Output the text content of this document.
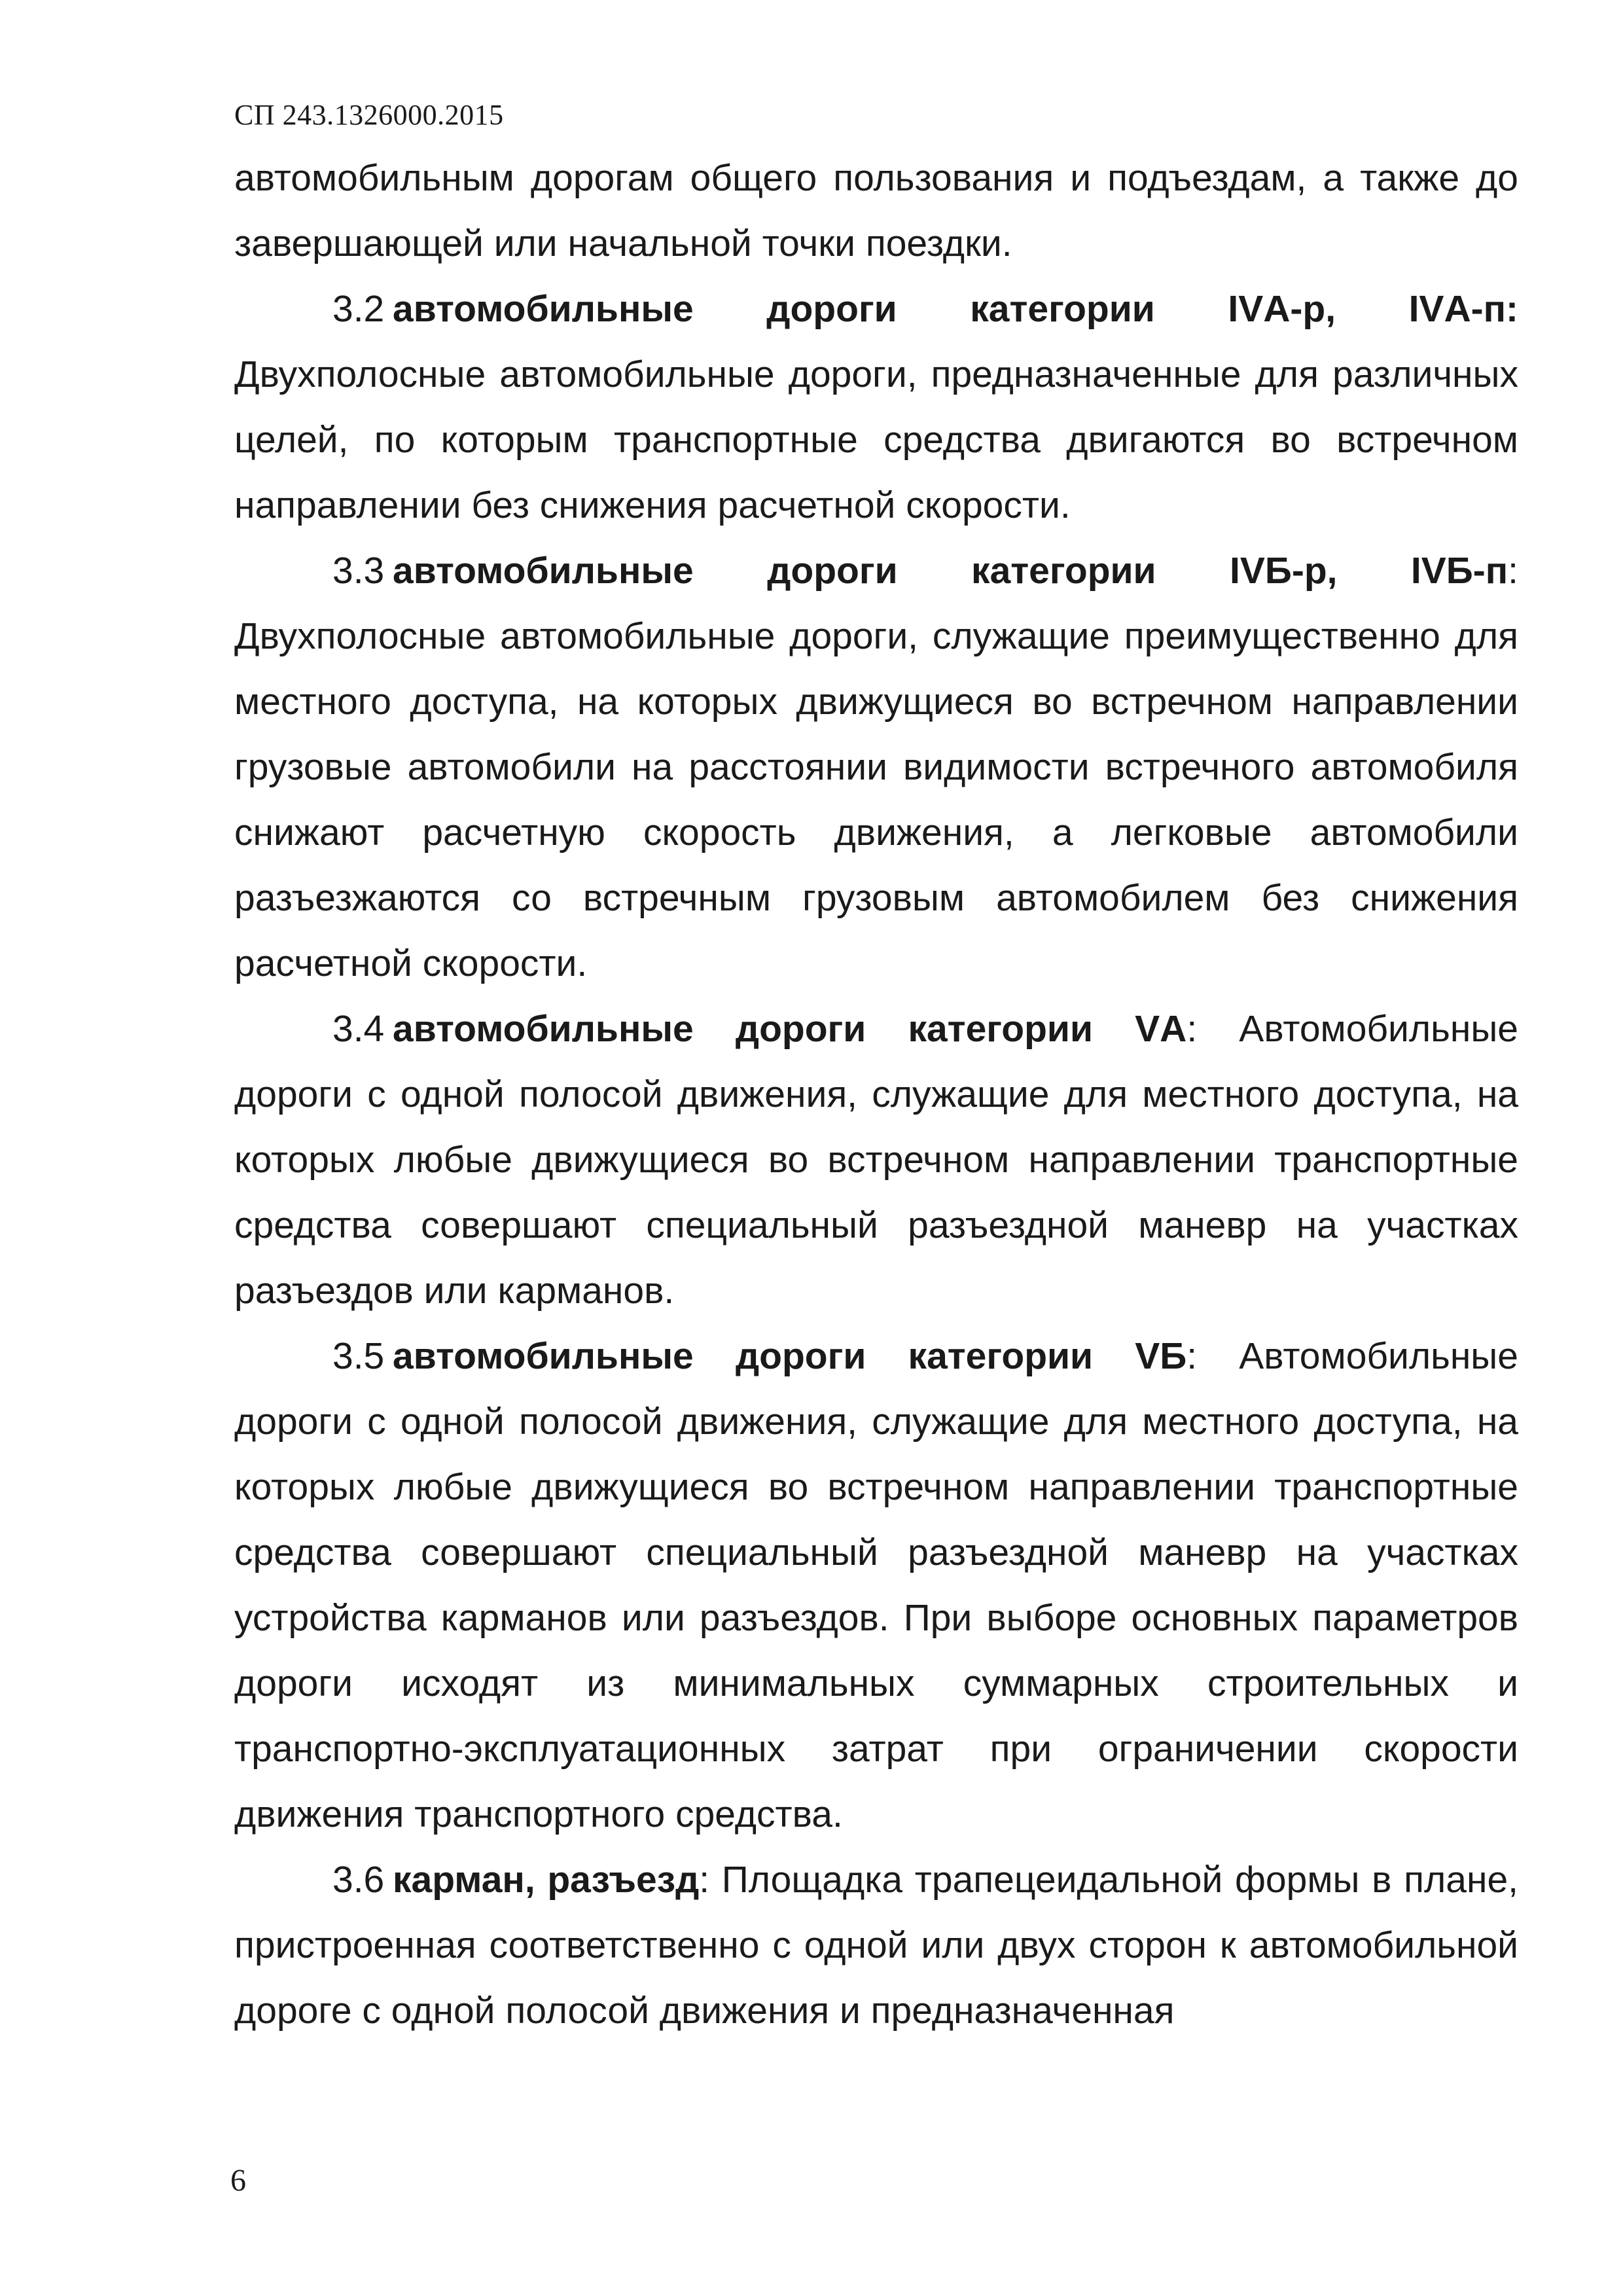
СП 243.1326000.2015

автомобильным дорогам общего пользования и подъездам, а также до завершающей или начальной точки поездки.

3.2 автомобильные дороги категории IVА-р, IVА-п: Двухполосные автомобильные дороги, предназначенные для различных целей, по которым транспортные средства двигаются во встречном направлении без снижения расчетной скорости.

3.3 автомобильные дороги категории IVБ-р, IVБ-п: Двухполосные автомобильные дороги, служащие преимущественно для местного доступа, на которых движущиеся во встречном направлении грузовые автомобили на расстоянии видимости встречного автомобиля снижают расчетную скорость движения, а легковые автомобили разъезжаются со встречным грузовым автомобилем без снижения расчетной скорости.

3.4 автомобильные дороги категории VА: Автомобильные дороги с одной полосой движения, служащие для местного доступа, на которых любые движущиеся во встречном направлении транспортные средства совершают специальный разъездной маневр на участках разъездов или карманов.

3.5 автомобильные дороги категории VБ: Автомобильные дороги с одной полосой движения, служащие для местного доступа, на которых любые движущиеся во встречном направлении транспортные средства совершают специальный разъездной маневр на участках устройства карманов или разъездов. При выборе основных параметров дороги исходят из минимальных суммарных строительных и транспортно-эксплуатационных затрат при ограничении скорости движения транспортного средства.

3.6 карман, разъезд: Площадка трапецеидальной формы в плане, пристроенная соответственно с одной или двух сторон к автомобильной дороге с одной полосой движения и предназначенная

6
